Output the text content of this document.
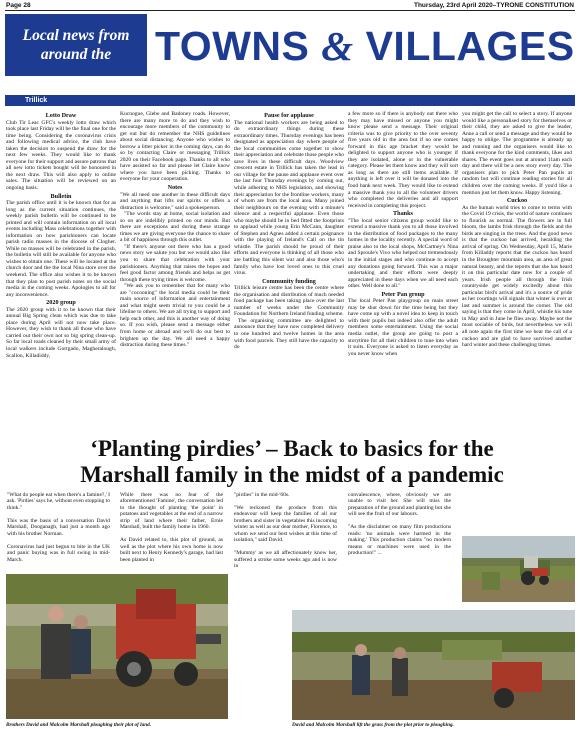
Page 28	Thursday, 23rd April 2020–TYRONE CONSTITUTION
Local news from
around the	TOWNS & VILLAGES
Trillick
Lotto Draw

Club Tir Leac GFC's weekly lotto draw which took place last Friday will be the final one for the time being. Considering the coronavirus crisis and following medical advice, the club have taken the decision to suspend the draw for the next few weeks. They would like to thank everyone for their support and assure patrons that all new lotto tickets bought will be honoured in the next draw. This will also apply to online sales. The situation will be reviewed on an ongoing basis.

Bulletin

The parish office until it is be known that for as long as the current situation continues, the weekly parish bulletin will be continued to be printed and will contain information on all local events including Mass celebrations together with information on how parishioners can locate parish radio masses in the diocese of Clogher. While no masses will be celebrated in the parish, the bulletin will still be available for anyone who wishes to obtain one. These will be located at the church door and the the local Nina store over the weekend. The office also wishes it to be known that they plan to post parish notes on the social media in the coming weeks. Apologies to all for any inconvenience.

2020 group

The 2020 group with it to be known that their annual Big Spring clean which was due to take place during April will not now take place. However, they wish to thank all those who have carried out their own not so big spring clean-up. So far local roads cleaned by their small army of local walkers include Gortgado, Magheralough, Scallon, Killadiddy,

Kucnogue, Glebe and Badoney roads. However, there are many more to do and they wish to encourage more members of the community to get out but do remember the NHS guidelines about social distancing. Anyone who wishes to borrow a litter picker in the coming days, can do so by contacting Claire or messaging Trillick 2020 on their Facebook page. Thanks to all who have assisted so far and please let Claire know where you have been picking. Thanks to everyone for your cooperation.

Notes

"We all need one another in these difficult days and anything that lifts our spirits or offers a distraction is welcome," said a spokesperson.

"The words stay at home, social isolation and so on are indelibly printed on our minds. But there are exceptions and during these strange times we are giving everyone the chance to share a bit of happiness through this outlet.

"If there's anyone out there who has a good news story we salute you but we would also like you to share that celebration with your parishioners. Anything that raises the hopes and feel good factor among friends and helps us get through these trying times is welcome.

"We ask you to remember that for many who are "cocooning" the local media could be their main source of information and entertainment and what might seem trivial to you could be a lifeline to others. We are all trying to support and help each other, and this is another way of doing so. If you wish, please send a message either from home or abroad and we'll do our best to brighten up the day. We all need a happy distraction during these times."

Pause for applause

The national health workers are being asked to do extraordinary things during these extraordinary times. Thursday evenings has been designated as appreciation day where people of the local communities come together to show their appreciation and celebrate those people who save lives in these difficult days. Woodview crescent estate in Trillick has taken the lead in our village for the pause and applause event over the last four Thursday evenings by coming out, while adhering to NHS legislation, and showing their appreciation for the frontline workers, many of whom are from the local area. Many joined their neighbours on the evening with a minute's silence and a respectful applause. Even those who maybe should be in bed fitted the footprints to applaud while young Erin McCann, daughter of Stephen and Agnes added a certain poignance with the playing of Ireland's Call on the tin whistle. The parish should be proud of their efforts and everyone is thinking of all those who are battling this silent war and also those who's family who have lost loved ones to this cruel virus.

Community funding

Trillick leisure centre has been the centre where the organisation and distribution of much needed food package has been taking place over the last number of weeks under the Community Foundation for Northern Ireland funding scheme.

The organising committee are delighted to announce that they have now completed delivery to one hundred and twelve homes in the area with food parcels. They still have the capacity to do

a few more so if there is anybody out there who they may have missed or anyone you might know please send a message. Their original criteria was to give priority to the over seventy five years old in the area but if no one comes forward in this age bracket they would be delighted to support anyone who is younger if they are isolated, alone or in the vulnerable category. Please let them know and they will sort as long as there are still items available. If anything is left over it will be donated into the food bank next week. They would like to extend a massive thank you to all the volunteer drivers who completed the deliveries and all support received in completing this project.

Thanks

"The local senior citizens group would like to extend a massive thank you to all those involved in the distribution of food packages to the many homes in the locality recently. A special word of praise also to the local shops, McCartney's Nina and Sproule's Vivo who helped out tremendously in the initial stages and who continue to accept any donations going forward. This was a major undertaking and their efforts were deeply appreciated in these days when we all need each other. Well done to all."

Peter Pan group

The local Peter Pan playgroup on main street may be shut down for the time being but they have come up with a novel idea to keep in touch with their pupils but indeed also offer the adult members some entertainment. Using the social media outlet, the group are going to post a storytime for all their children to tune into when it suits. Everyone is asked to listen everyday as you never know when

you might get the call to select a story. If anyone would like a personalised story for themselves or their child, they are asked to give the leader, Anne a call or send a message and they would be happy to oblige. The programme is already up and running and the organisers would like to thank everyone for the kind comments, likes and shares. The event goes out at around 11am each day and there will be a new story every day. The organisers plan to pick Peter Pan pupils at random but will continue reading stories for all children over the coming weeks. If you'd like a mention just let them know. Happy listening.

Cuckoo

As the human world tries to come to terms with the Covid 19 crisis, the world of nature continues to flourish as normal. The flowers are in full bloom, the lambs frisk through the fields and the birds are singing in the trees. And the good news is that the cuckoo has arrived, heralding the arrival of spring. On Wednesday, April 15, Marie from Killaddy reports that the cuckoo has heard in the Broughter mountain area, an area of great natural beauty, and the reports that she has heard it on this particular date now for a couple of years. Irish people all through the Irish countryside get widely excitedly about this particular bird's arrival and it's a source of pride as her courtings will signals that winter is over at last and summer is around the corner. The old saying is that they come in April, whistle his tune in May and in June he flies away. Maybe not the most sociable of birds, but nevertheless we will all note again the first time we hear the call of a cuckoo and are glad to have survived another hard winter and these challenging times.

‘Planting pirdies’ – Back to basics for the
Marshall family in the midst of a pandemic

"What do people eat when there's a famine?,' I ask. 'Pirdies' says he, without even stopping to think."

This was the basis of a conversation David Marshall, Dooganagh, had just a month ago with his brother Norman.

Coronavirus had just begun to bite in the UK and panic buying was in full swing in mid-March.

While there was no fear of the aforementioned 'Famine', the conversation led to the thought of planting 'the point' in potatoes and vegetables at the end of a narrow strip of land where their father, Ernie Marshall, built the family home in 1960.

As David related to, this plot of ground, as well as the plot where his own home is now built next to Henry Kennedy's garage, had last been planted in

"pirdies" in the mid-'60s.

"We reckoned the produce from this endeavour will keep the families of all our brothers and sister in vegetables this incoming winter as well as our dear mother, Florence, to whom we send our best wishes at this time of isolation," said David.

"Mummy' as we all affectionately know her, suffered a stroke some weeks ago and is now in

convalescence, where, obviously we are unable to visit her. She will miss the preparation of the ground and planting but she will see the fruit of our labours.

"As the disclaimer on many film productions reads: 'no animals were harmed in the making.' This production claims "no modern means or machines were used in the production!" ...

Brothers David and Malcolm Marshall ploughing their plot of land.	David and Malcolm Marshall lift the grass from the plot prior to ploughing.
